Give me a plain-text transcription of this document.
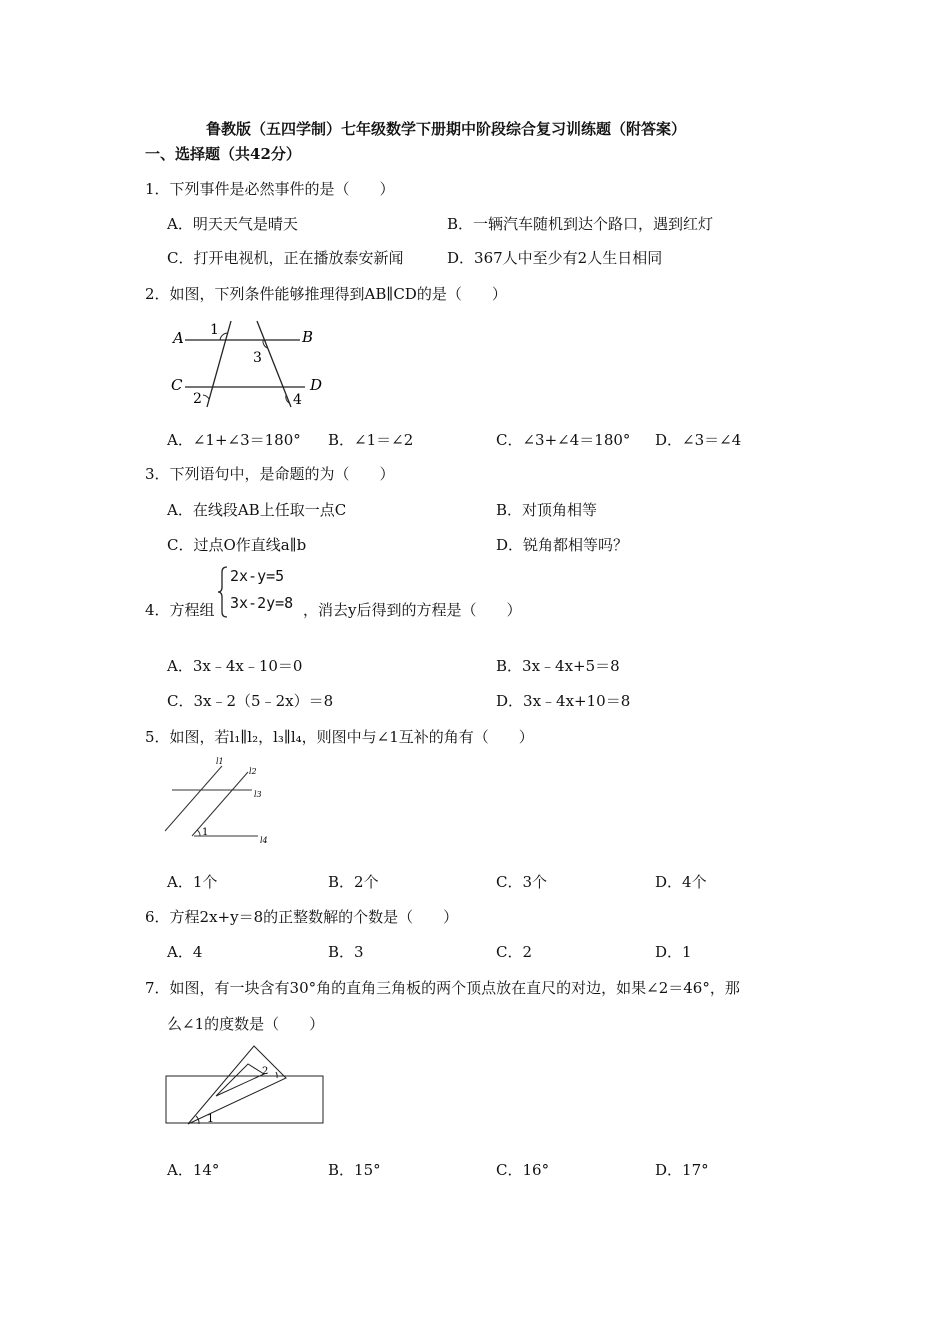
鲁教版（五四学制）七年级数学下册期中阶段综合复习训练题（附答案）
一、选择题（共42分）
1．下列事件是必然事件的是（　　）
A．明天天气是晴天	B．一辆汽车随机到达个路口，遇到红灯
C．打开电视机，正在播放泰安新闻	D．367人中至少有2人生日相同
2．如图，下列条件能够推理得到AB∥CD的是（　　）
A	B
C	D
1
3
2	4
A．∠1+∠3＝180° B．∠1＝∠2	C．∠3+∠4＝180° D．∠3＝∠4
3．下列语句中，是命题的为（　　）
A．在线段AB上任取一点C	B．对顶角相等
C．过点O作直线a∥b	D．锐角都相等吗？
4．方程组
2x-y=5
3x-2y=8 ，消去y后得到的方程是（　　）
A．3x﹣4x﹣10＝0	B．3x﹣4x+5＝8
C．3x﹣2（5﹣2x）＝8	D．3x﹣4x+10＝8
5．如图，若l₁∥l₂，l₃∥l₄，则图中与∠1互补的角有（　　）
l1
l2
l3
l4
1
A．1个	B．2个	C．3个	D．4个
6．方程2x+y＝8的正整数解的个数是（　　）
A．4	B．3	C．2	D．1
7．如图，有一块含有30°角的直角三角板的两个顶点放在直尺的对边，如果∠2＝46°，那
么∠1的度数是（　　）
1
2
A．14°	B．15°	C．16°	D．17°
